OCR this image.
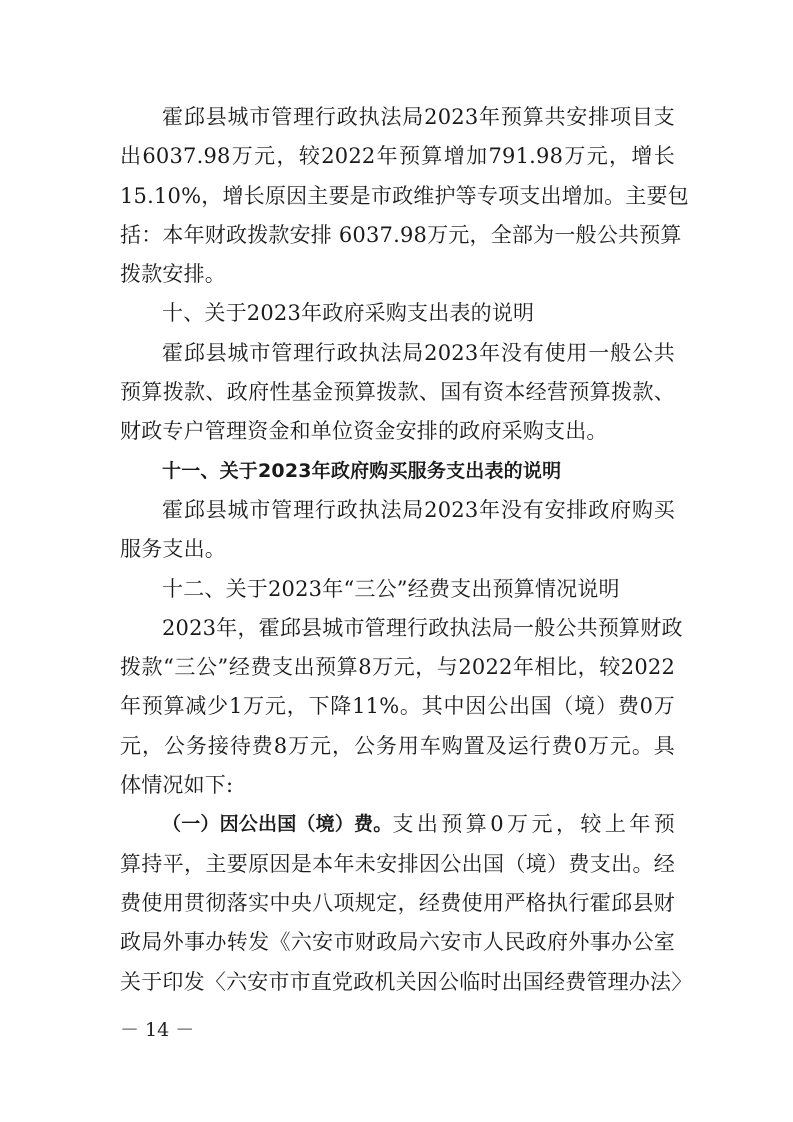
霍邱县城市管理行政执法局2023年预算共安排项目支
出6037.98万元，较2022年预算增加791.98万元，增长
15.10%，增长原因主要是市政维护等专项支出增加。主要包
括：本年财政拨款安排 6037.98万元，全部为一般公共预算
拨款安排。
十、关于2023年政府采购支出表的说明
霍邱县城市管理行政执法局2023年没有使用一般公共
预算拨款、政府性基金预算拨款、国有资本经营预算拨款、
财政专户管理资金和单位资金安排的政府采购支出。
十一、关于2023年政府购买服务支出表的说明
霍邱县城市管理行政执法局2023年没有安排政府购买
服务支出。
十二、关于2023年“三公”经费支出预算情况说明
2023年，霍邱县城市管理行政执法局一般公共预算财政
拨款“三公”经费支出预算8万元，与2022年相比，较2022
年预算减少1万元，下降11%。其中因公出国（境）费0万
元，公务接待费8万元，公务用车购置及运行费0万元。具
体情况如下:
（一）因公出国（境）费。 支出预算0万元，较上年预
算持平，主要原因是本年未安排因公出国（境）费支出。经
费使用贯彻落实中央八项规定，经费使用严格执行霍邱县财
政局外事办转发《六安市财政局六安市人民政府外事办公室
关于印发〈六安市市直党政机关因公临时出国经费管理办法〉
－ 14 －
